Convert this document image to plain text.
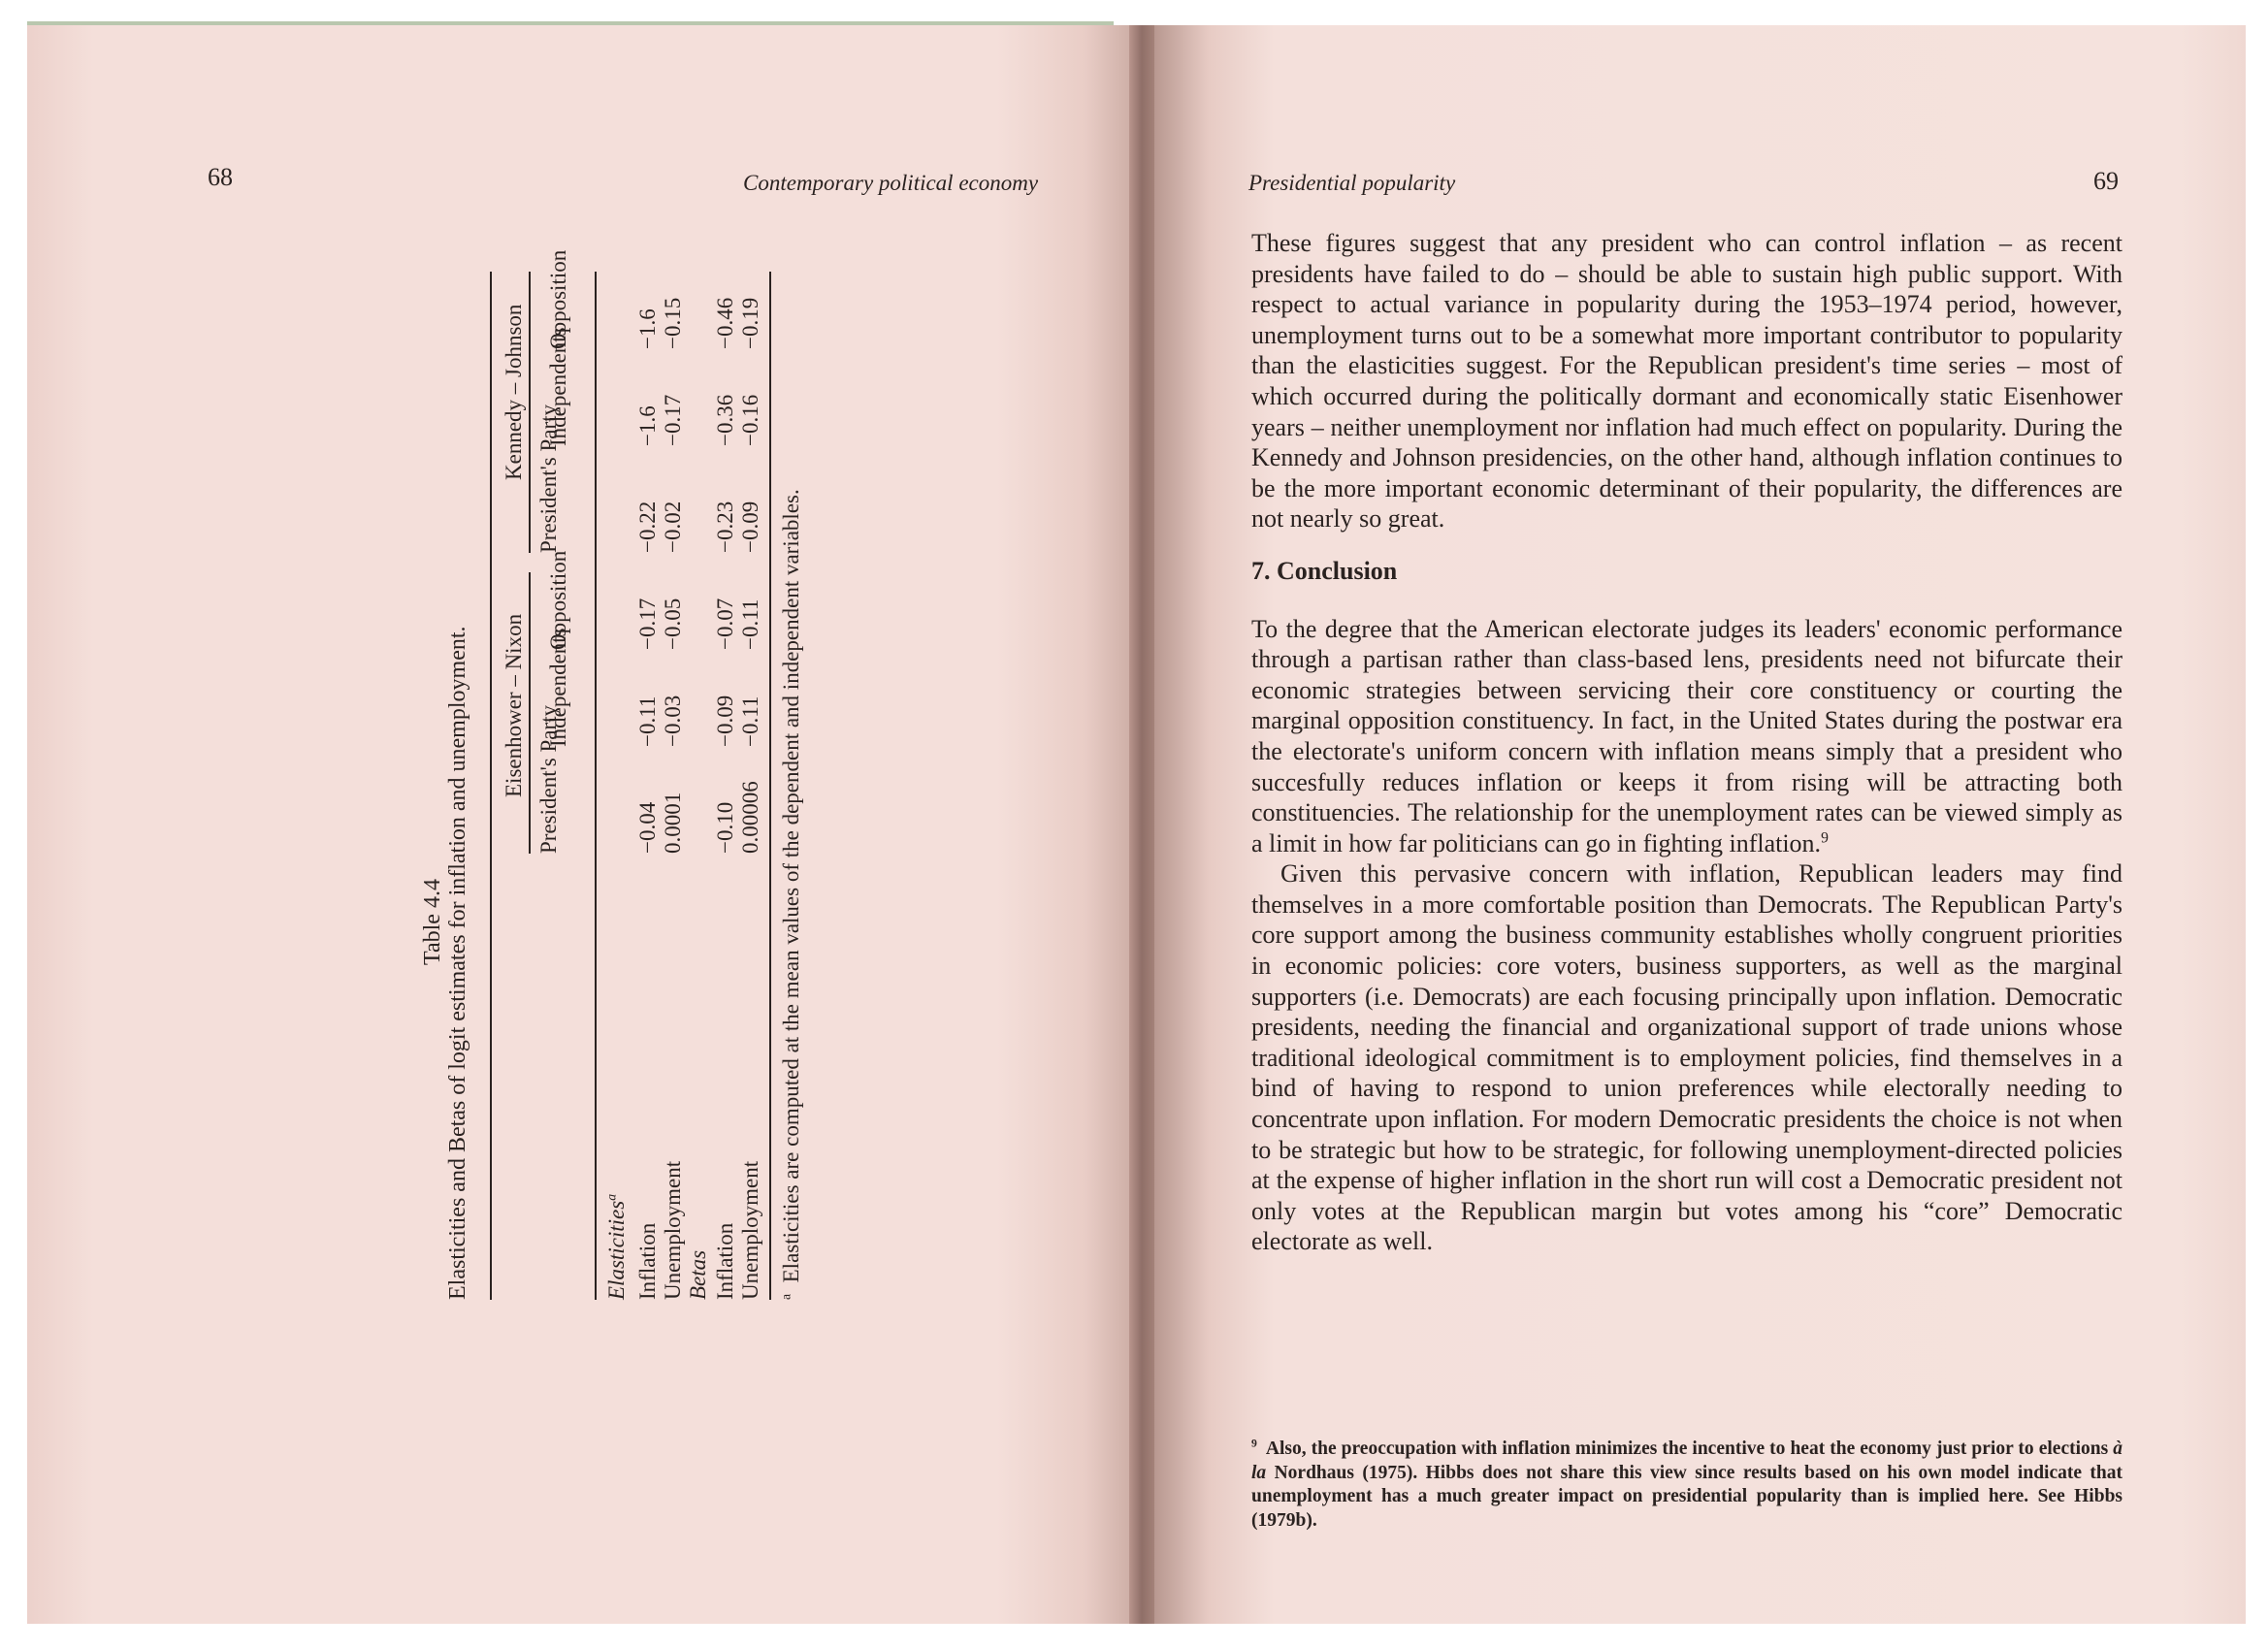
68	Contemporary political economy
Table 4.4 Elasticities and Betas of logit estimates for inflation and unemployment. Eisenhower – Nixon
Kennedy – Johnson
President's Party
Independents
Opposition
President's Party
Independents
Opposition
Elasticities$^a$
Inflation
Unemployment
−0.04
0.0001
−0.11
−0.03
−0.17
−0.05
−0.22
−0.02
−1.6
−0.17
−1.6
−0.15
Betas Inflation
Unemployment
−0.10
0.00006
−0.09
−0.11
−0.07
−0.11
−0.23
−0.09
−0.36
−0.16
−0.46
−0.19
$^a$  Elasticities are computed at the mean values of the dependent and independent variables.
Presidential popularity	69

These figures suggest that any president who can control inflation – as recent presidents have failed to do – should be able to sustain high public support. With respect to actual variance in popularity during the 1953–1974 period, however, unemployment turns out to be a somewhat more important contributor to popularity than the elasticities suggest. For the Republican president's time series – most of which occurred during the politically dormant and economically static Eisenhower years – neither unemployment nor inflation had much effect on popularity. During the Kennedy and Johnson presidencies, on the other hand, although inflation continues to be the more important economic determinant of their popularity, the differences are not nearly so great.

7. Conclusion

To the degree that the American electorate judges its leaders' economic performance through a partisan rather than class-based lens, presidents need not bifurcate their economic strategies between servicing their core constituency or courting the marginal opposition constituency. In fact, in the United States during the postwar era the electorate's uniform concern with inflation means simply that a president who succesfully reduces inflation or keeps it from rising will be attracting both constituencies. The relationship for the unemployment rates can be viewed simply as a limit in how far politicians can go in fighting inflation.$^9$

Given this pervasive concern with inflation, Republican leaders may find themselves in a more comfortable position than Democrats. The Republican Party's core support among the business community establishes wholly congruent priorities in economic policies: core voters, business supporters, as well as the marginal supporters (i.e. Democrats) are each focusing principally upon inflation. Democratic presidents, needing the financial and organizational support of trade unions whose traditional ideological commitment is to employment policies, find themselves in a bind of having to respond to union preferences while electorally needing to concentrate upon inflation. For modern Democratic presidents the choice is not when to be strategic but how to be strategic, for following unemployment-directed policies at the expense of higher inflation in the short run will cost a Democratic president not only votes at the Republican margin but votes among his “core” Democratic electorate as well.

$^9$ Also, the preoccupation with inflation minimizes the incentive to heat the economy just prior to elections à la Nordhaus (1975). Hibbs does not share this view since results based on his own model indicate that unemployment has a much greater impact on presidential popularity than is implied here. See Hibbs (1979b).
